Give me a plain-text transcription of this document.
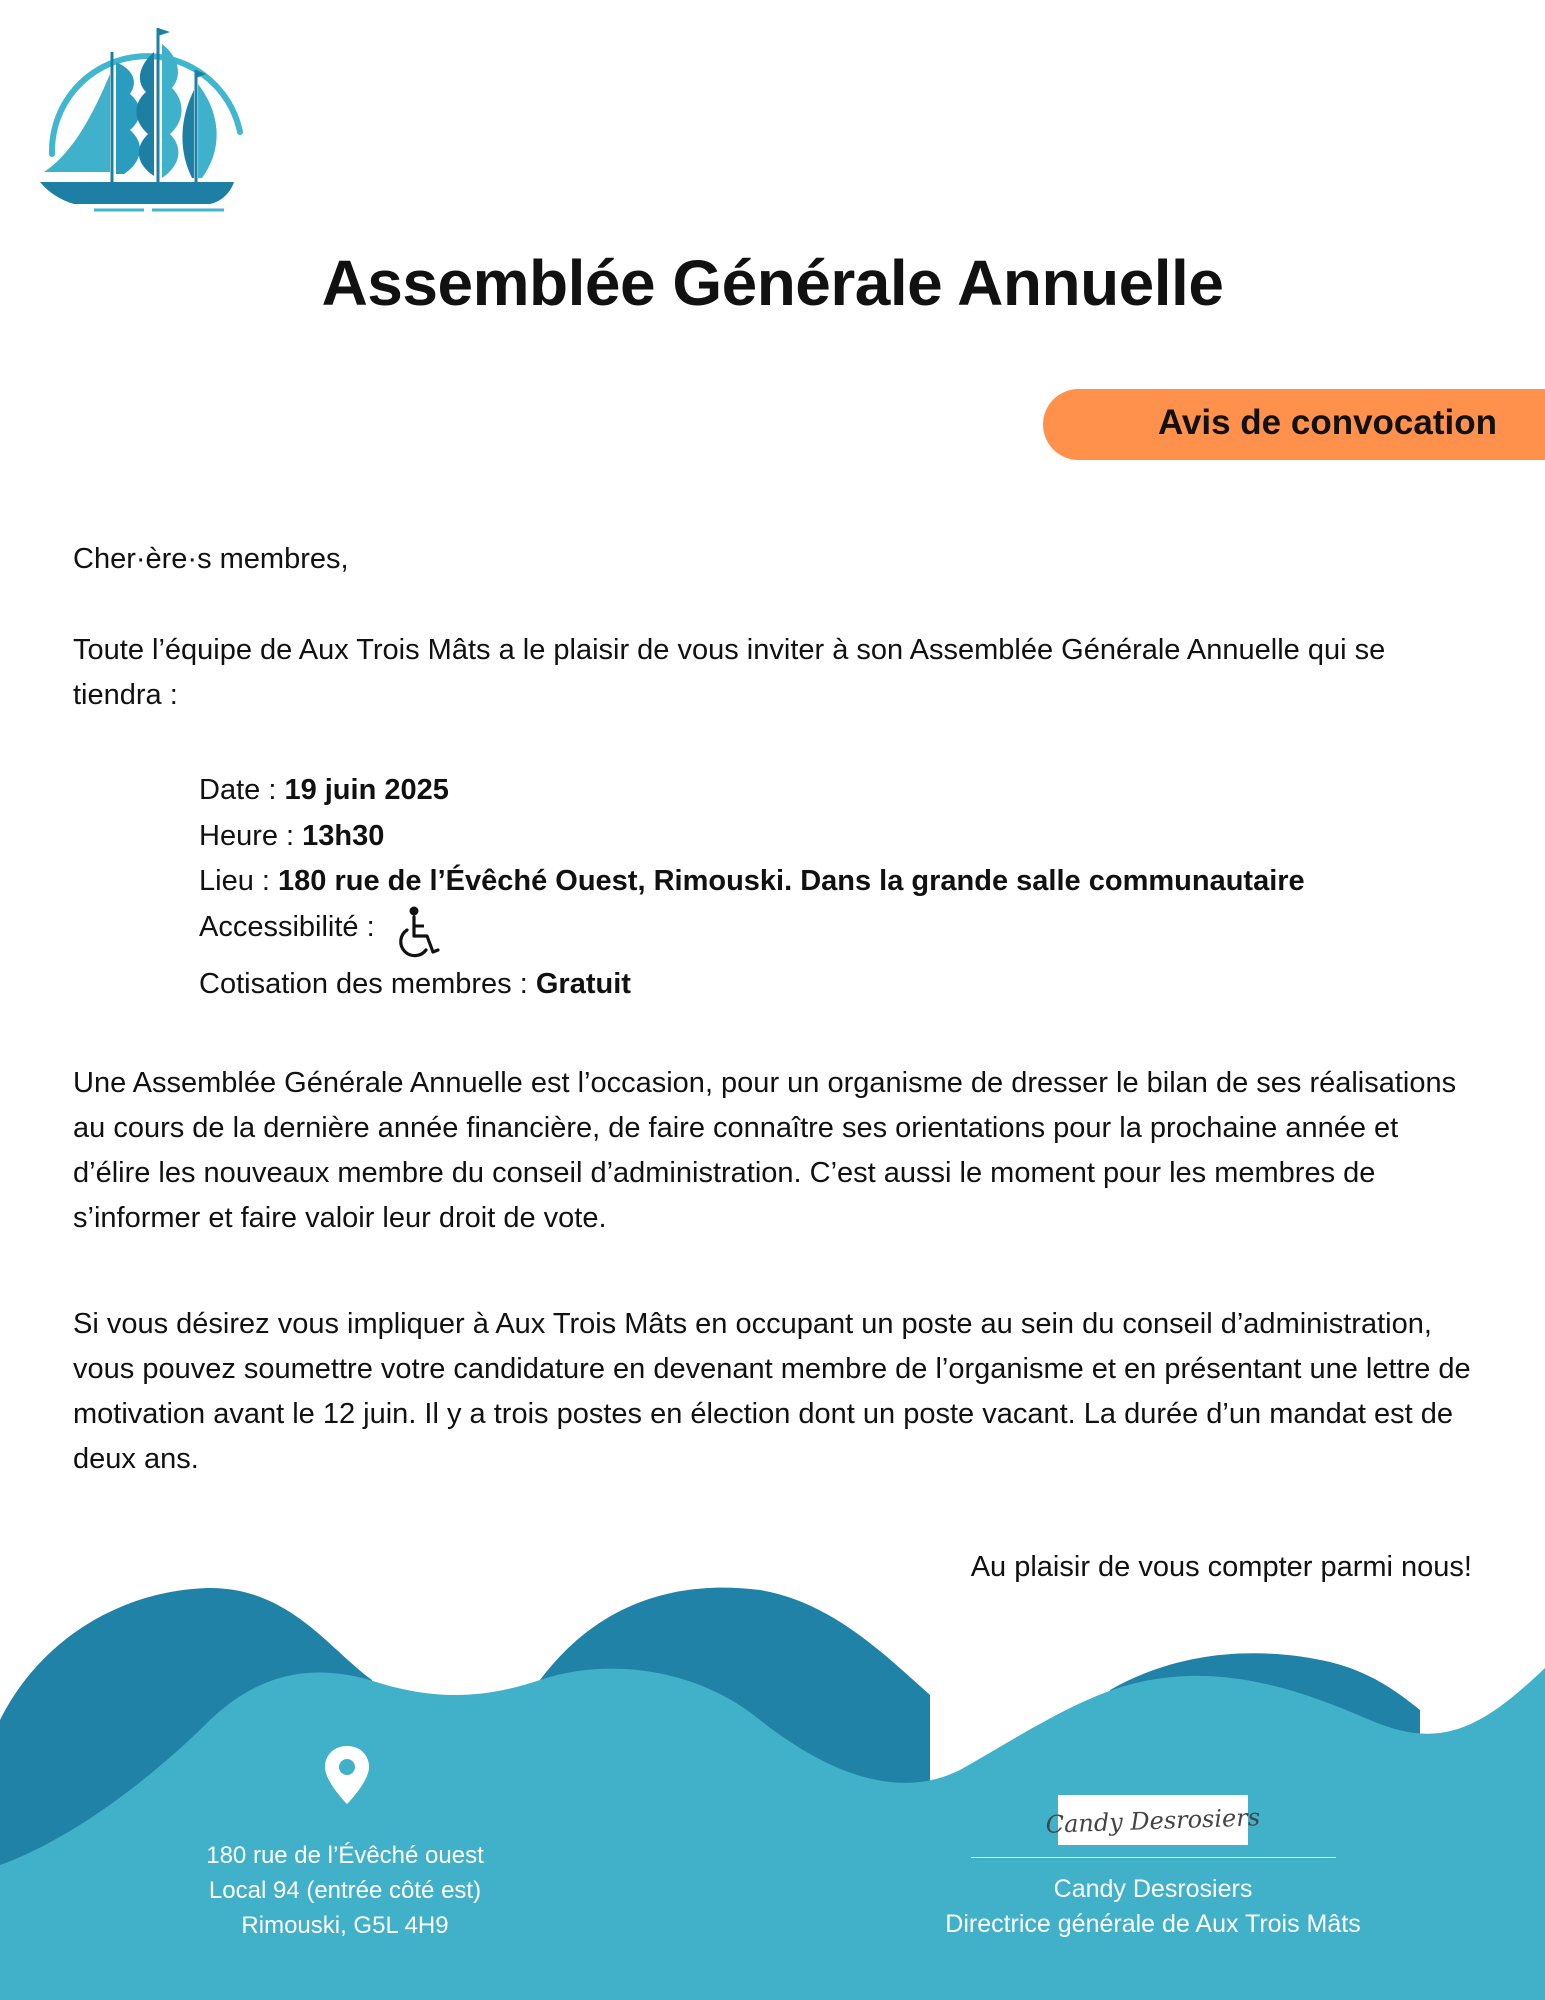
Assemblée Générale Annuelle
Avis de convocation

Cher·ère·s membres,

Toute l’équipe de Aux Trois Mâts a le plaisir de vous inviter à son Assemblée Générale Annuelle qui se tiendra :

Date : 19 juin 2025
Heure : 13h30
Lieu : 180 rue de l’Évêché Ouest, Rimouski. Dans la grande salle communautaire
Accessibilité :
Cotisation des membres : Gratuit

Une Assemblée Générale Annuelle est l’occasion, pour un organisme de dresser le bilan de ses réalisations au cours de la dernière année financière, de faire connaître ses orientations pour la prochaine année et d’élire les nouveaux membre du conseil d’administration. C’est aussi le moment pour les membres de s’informer et faire valoir leur droit de vote.

Si vous désirez vous impliquer à Aux Trois Mâts en occupant un poste au sein du conseil d’administration, vous pouvez soumettre votre candidature en devenant membre de l’organisme et en présentant une lettre de motivation avant le 12 juin. Il y a trois postes en élection dont un poste vacant. La durée d’un mandat est de deux ans.

Au plaisir de vous compter parmi nous!

180 rue de l’Évêché ouest
Local 94 (entrée côté est)
Rimouski, G5L 4H9
Candy Desrosiers
Candy Desrosiers
Directrice générale de Aux Trois Mâts
